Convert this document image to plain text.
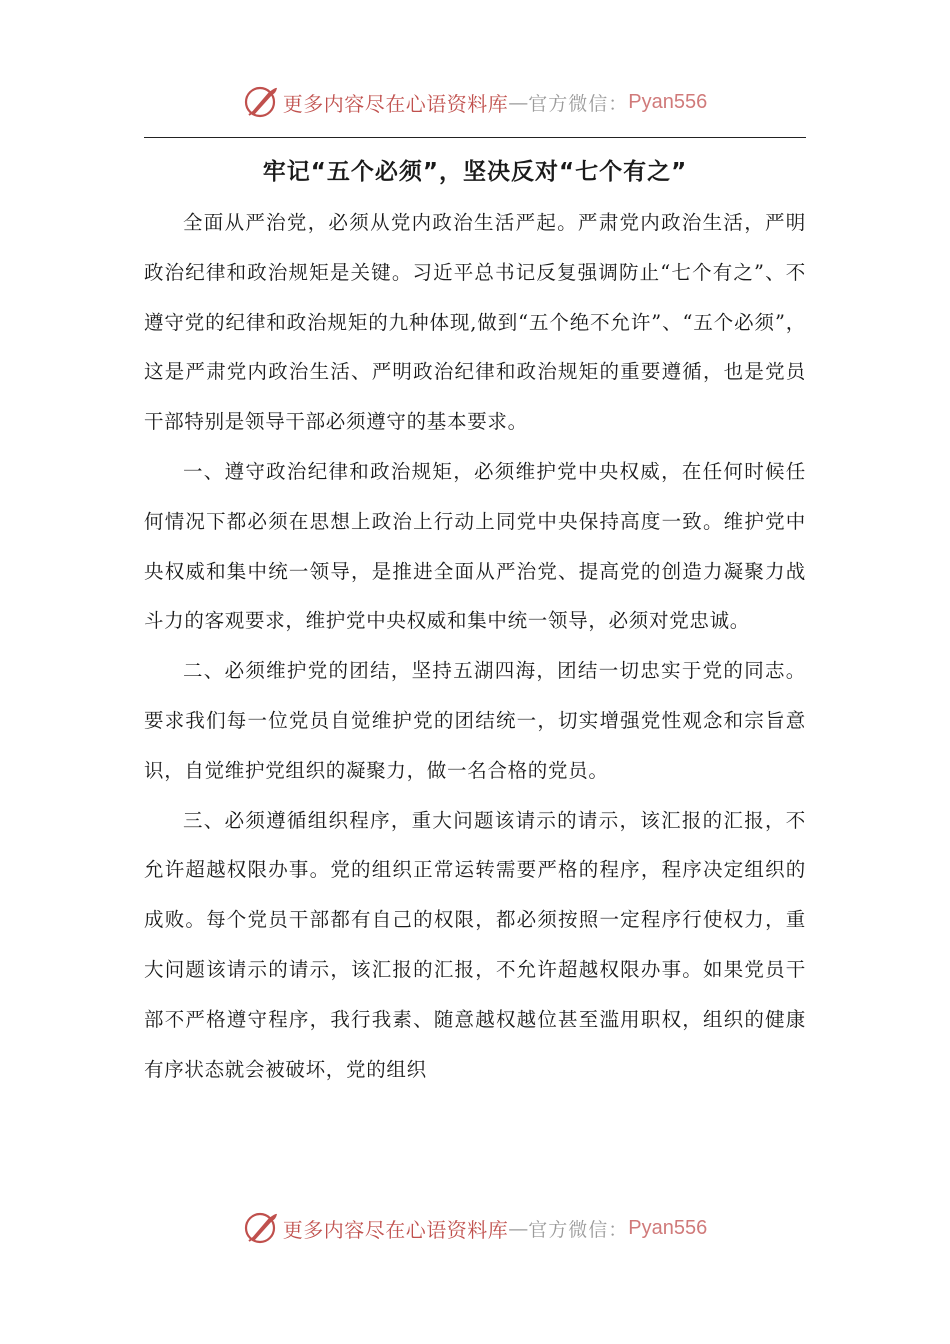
更多内容尽在心语资料库 — 官方微信： Pyan556
牢记“五个必须”，坚决反对“七个有之”

全面从严治党，必须从党内政治生活严起。严肃党内政治生活，严明政治纪律和政治规矩是关键。习近平总书记反复强调防止“七个有之”、不遵守党的纪律和政治规矩的九种体现,做到“五个绝不允许”、“五个必须”，这是严肃党内政治生活、严明政治纪律和政治规矩的重要遵循，也是党员干部特别是领导干部必须遵守的基本要求。

一、遵守政治纪律和政治规矩，必须维护党中央权威，在任何时候任何情况下都必须在思想上政治上行动上同党中央保持高度一致。维护党中央权威和集中统一领导，是推进全面从严治党、提高党的创造力凝聚力战斗力的客观要求，维护党中央权威和集中统一领导，必须对党忠诚。

二、必须维护党的团结，坚持五湖四海，团结一切忠实于党的同志。要求我们每一位党员自觉维护党的团结统一，切实增强党性观念和宗旨意识，自觉维护党组织的凝聚力，做一名合格的党员。

三、必须遵循组织程序，重大问题该请示的请示，该汇报的汇报，不允许超越权限办事。党的组织正常运转需要严格的程序，程序决定组织的成败。每个党员干部都有自己的权限，都必须按照一定程序行使权力，重大问题该请示的请示，该汇报的汇报，不允许超越权限办事。如果党员干部不严格遵守程序，我行我素、随意越权越位甚至滥用职权，组织的健康有序状态就会被破坏，党的组织

更多内容尽在心语资料库 — 官方微信： Pyan556
